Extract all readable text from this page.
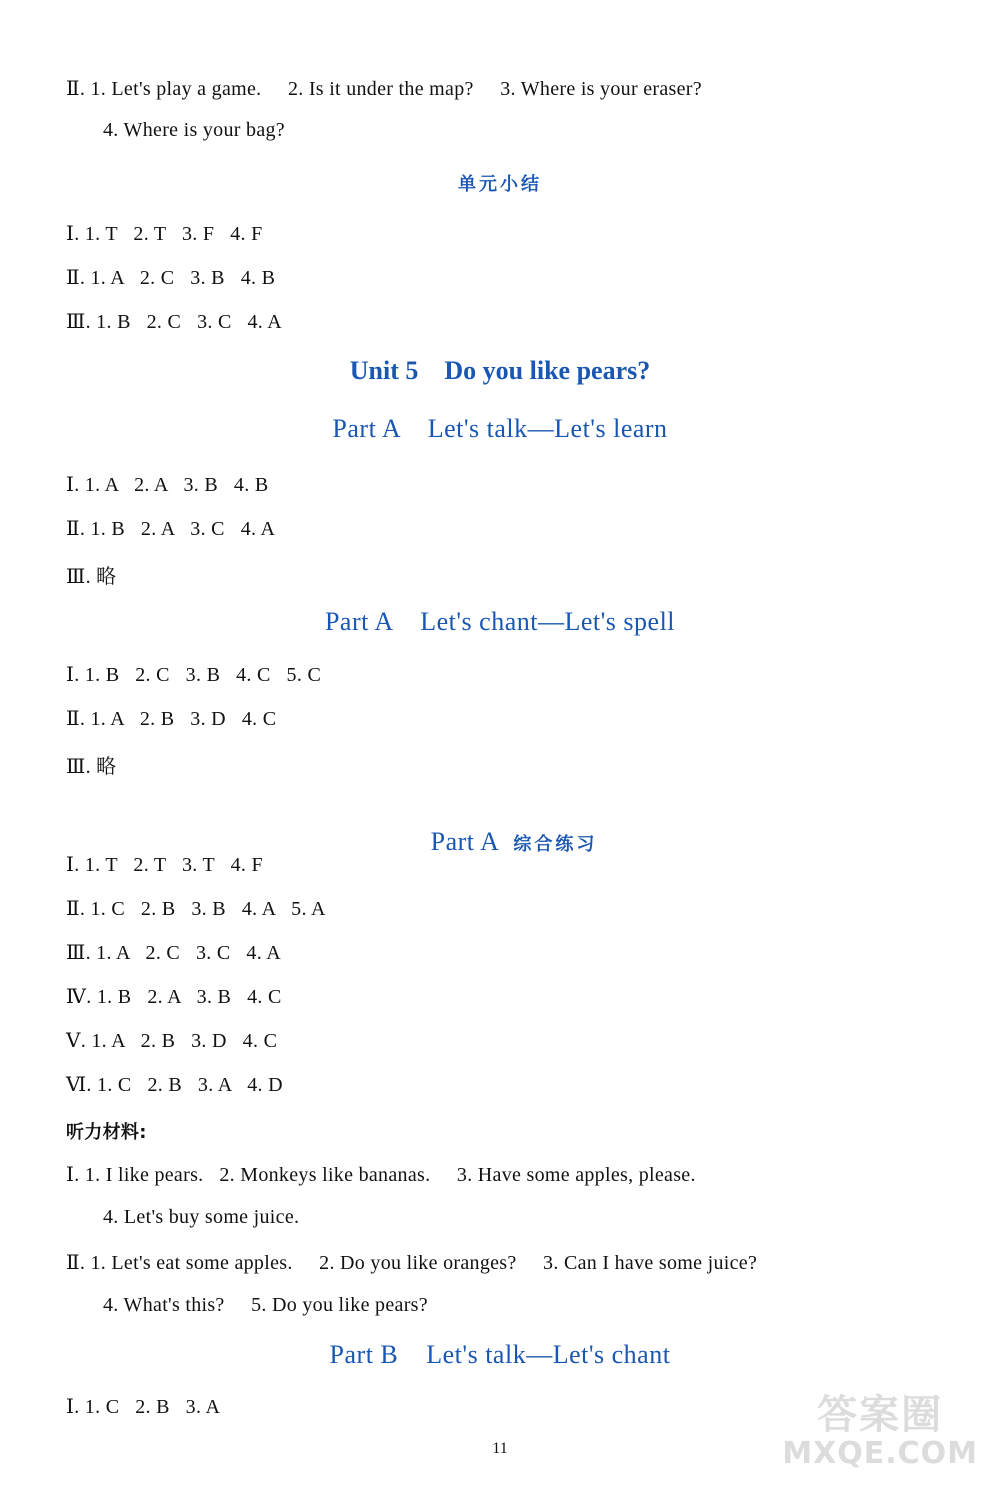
Ⅱ. 1. Let's play a game.     2. Is it under the map?     3. Where is your eraser?
4. Where is your bag?
单元小结
Ⅰ. 1. T   2. T   3. F   4. F
Ⅱ. 1. A   2. C   3. B   4. B
Ⅲ. 1. B   2. C   3. C   4. A
Unit 5    Do you like pears?
Part A    Let's talk—Let's learn
Ⅰ. 1. A   2. A   3. B   4. B
Ⅱ. 1. B   2. A   3. C   4. A
Ⅲ. 略
Part A    Let's chant—Let's spell
Ⅰ. 1. B   2. C   3. B   4. C   5. C
Ⅱ. 1. A   2. B   3. D   4. C
Ⅲ. 略

Part A 综合练习

Ⅰ. 1. T   2. T   3. T   4. F
Ⅱ. 1. C   2. B   3. B   4. A   5. A
Ⅲ. 1. A   2. C   3. C   4. A
Ⅳ. 1. B   2. A   3. B   4. C
Ⅴ. 1. A   2. B   3. D   4. C
Ⅵ. 1. C   2. B   3. A   4. D
听力材料:
Ⅰ. 1. I like pears.   2. Monkeys like bananas.     3. Have some apples, please.
4. Let's buy some juice.
Ⅱ. 1. Let's eat some apples.     2. Do you like oranges?     3. Can I have some juice?
4. What's this?     5. Do you like pears?
Part B    Let's talk—Let's chant
Ⅰ. 1. C   2. B   3. A
11
答案圈
MXQE.COM
